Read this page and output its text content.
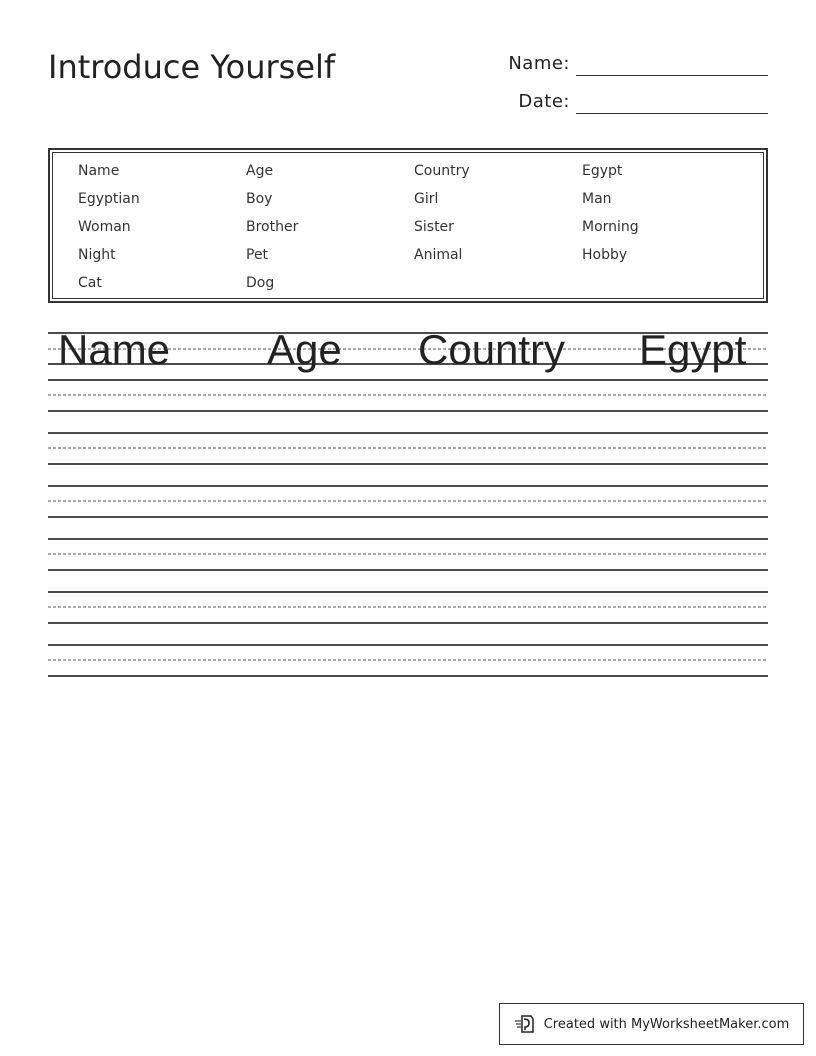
Introduce Yourself	Name:
Date:
Name	Age	Country	Egypt
Egyptian	Boy	Girl	Man
Woman	Brother	Sister	Morning
Night	Pet	Animal	Hobby
Cat	Dog
Name Age Country Egypt
Created with MyWorksheetMaker.com
